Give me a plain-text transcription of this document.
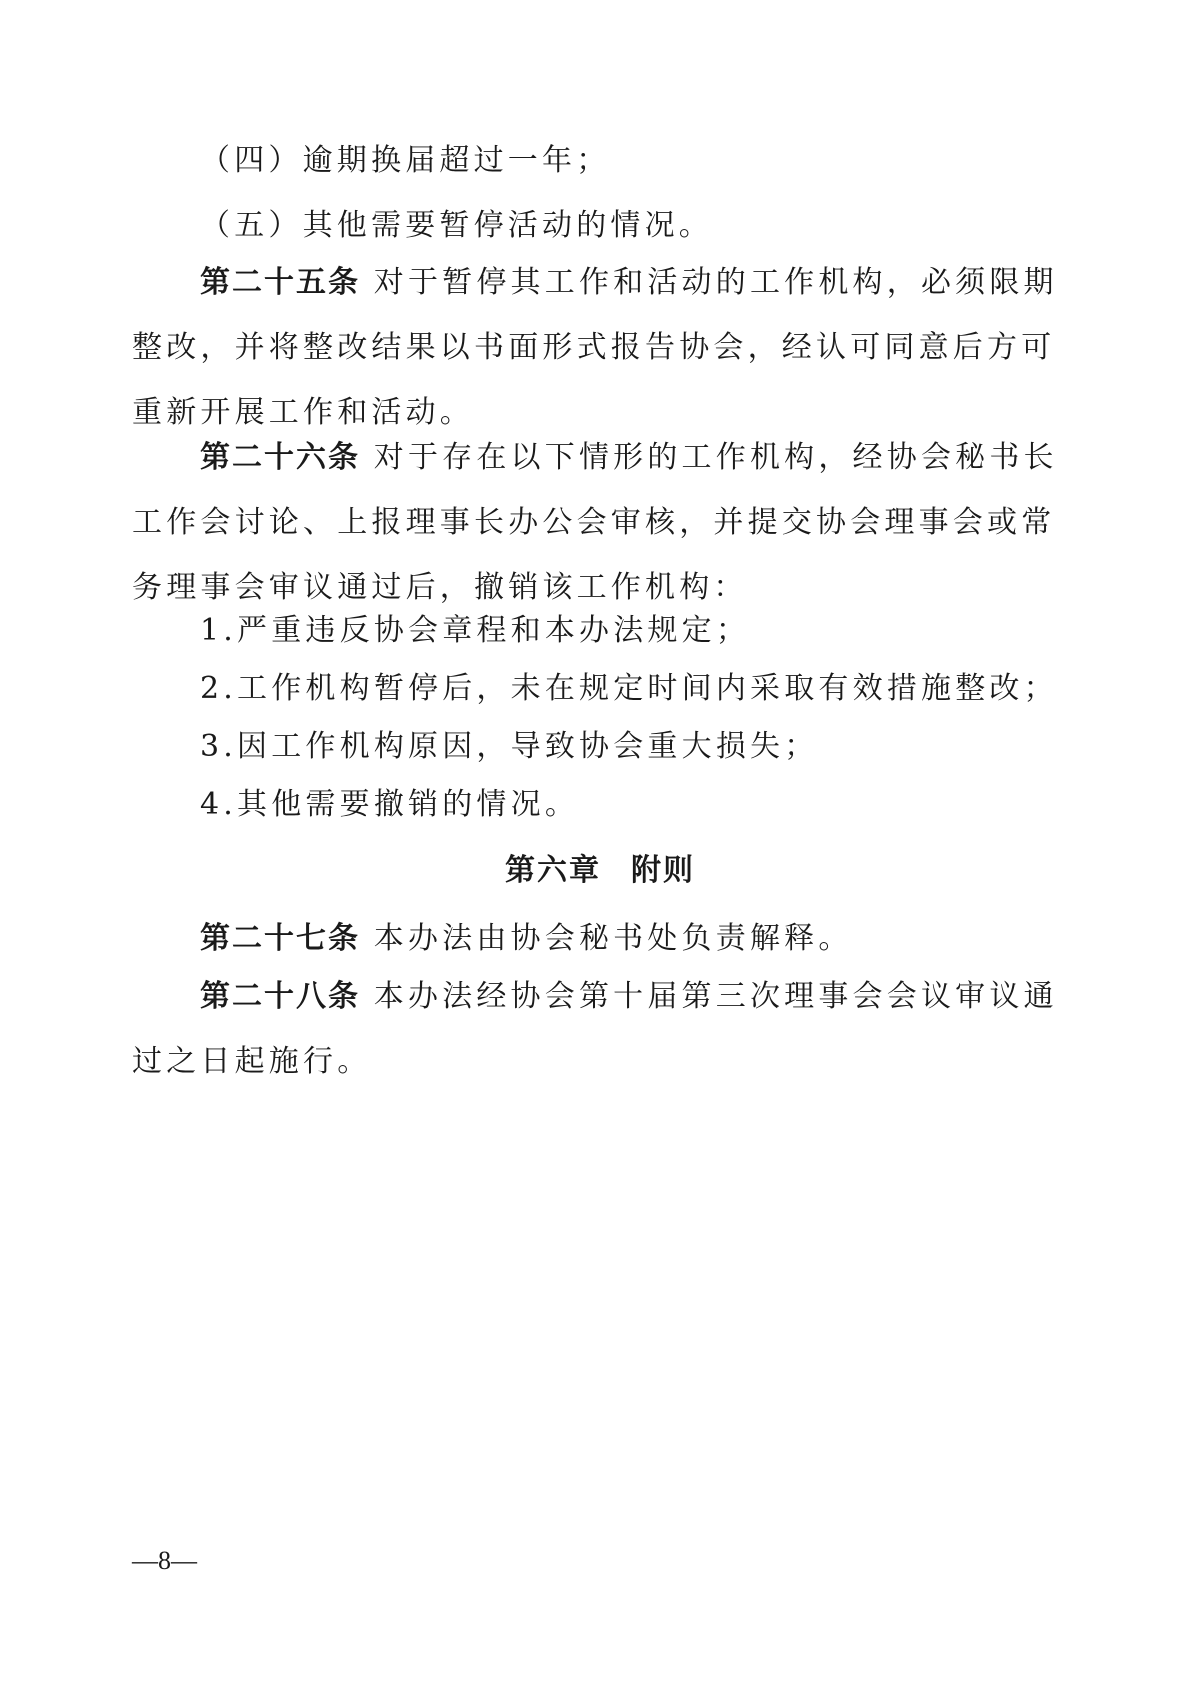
（四）逾期换届超过一年；

（五）其他需要暂停活动的情况。

第二十五条 对于暂停其工作和活动的工作机构，必须限期整改，并将整改结果以书面形式报告协会，经认可同意后方可重新开展工作和活动。

第二十六条 对于存在以下情形的工作机构，经协会秘书长工作会讨论、上报理事长办公会审核，并提交协会理事会或常务理事会审议通过后，撤销该工作机构：

1.严重违反协会章程和本办法规定；

2.工作机构暂停后，未在规定时间内采取有效措施整改；

3.因工作机构原因，导致协会重大损失；

4.其他需要撤销的情况。

第六章 附则

第二十七条 本办法由协会秘书处负责解释。

第二十八条 本办法经协会第十届第三次理事会会议审议通过之日起施行。

—8—
